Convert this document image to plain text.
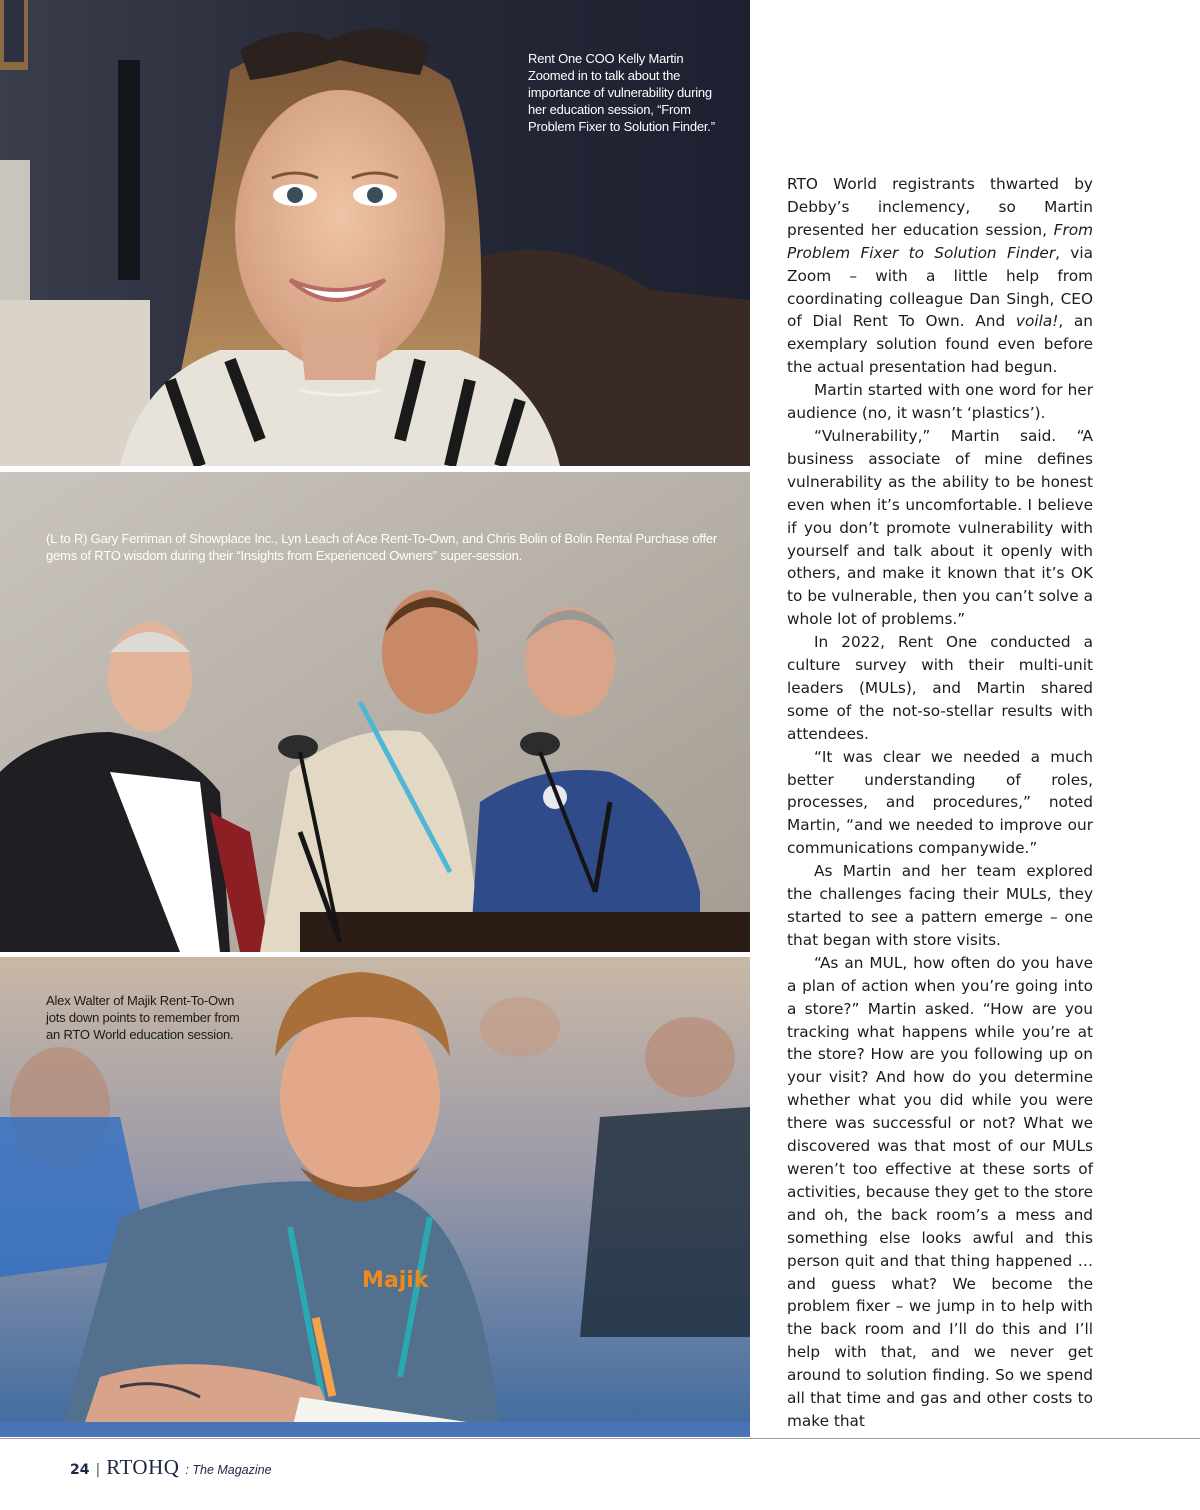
Rent One COO Kelly Martin Zoomed in to talk about the importance of vulnerability during her education session, “From Problem Fixer to Solution Finder.”
(L to R) Gary Ferriman of Showplace Inc., Lyn Leach of Ace Rent-To-Own, and Chris Bolin of Bolin Rental Purchase offer gems of RTO wisdom during their “Insights from Experienced Owners” super-session.
Majik
Alex Walter of Majik Rent-To-Own jots down points to remember from an RTO World education session.

RTO World registrants thwarted by Debby’s inclemency, so Martin presented her education session, From Problem Fixer to Solution Finder, via Zoom – with a little help from coordinating colleague Dan Singh, CEO of Dial Rent To Own. And voila!, an exemplary solution found even before the actual presentation had begun.

Martin started with one word for her audience (no, it wasn’t ‘plastics’).

“Vulnerability,” Martin said. “A business associate of mine defines vulnerability as the ability to be honest even when it’s uncomfortable. I believe if you don’t promote vulnerability with yourself and talk about it openly with others, and make it known that it’s OK to be vulnerable, then you can’t solve a whole lot of problems.”

In 2022, Rent One conducted a culture survey with their multi-unit leaders (MULs), and Martin shared some of the not-so-stellar results with attendees.

“It was clear we needed a much better understanding of roles, processes, and procedures,” noted Martin, “and we needed to improve our communications companywide.”

As Martin and her team explored the challenges facing their MULs, they started to see a pattern emerge – one that began with store visits.

“As an MUL, how often do you have a plan of action when you’re going into a store?” Martin asked. “How are you tracking what happens while you’re at the store? How are you following up on your visit? And how do you determine whether what you did while you were there was successful or not? What we discovered was that most of our MULs weren’t too effective at these sorts of activities, because they get to the store and oh, the back room’s a mess and something else looks awful and this person quit and that thing happened … and guess what? We become the problem fixer – we jump in to help with the back room and I’ll do this and I’ll help with that, and we never get around to solution finding. So we spend all that time and gas and other costs to make that

24 | RTOHQ : The Magazine
